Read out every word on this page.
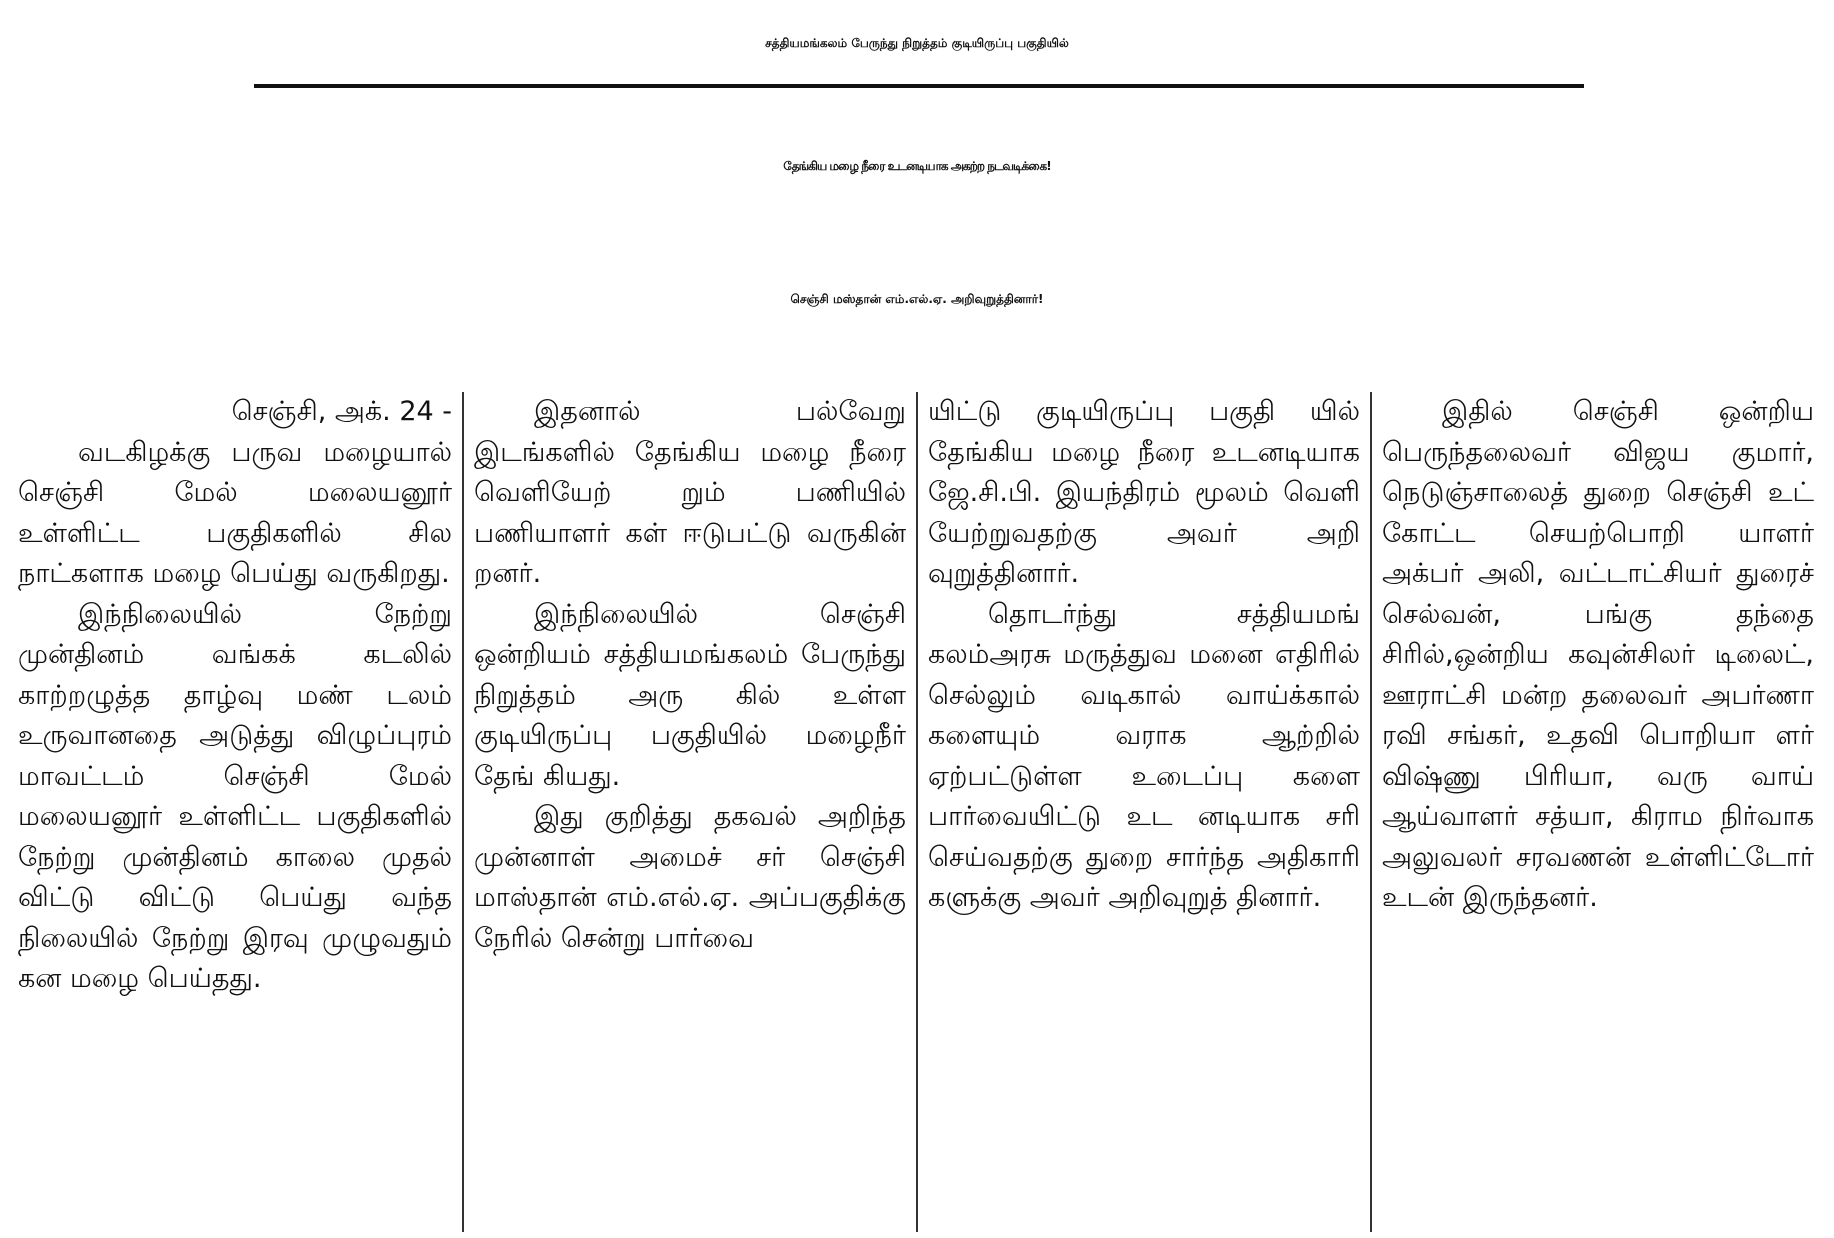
சத்தியமங்கலம் பேருந்து நிறுத்தம் குடியிருப்பு பகுதியில்
தேங்கிய மழை நீரை உடனடியாக அகற்ற நடவடிக்கை!
செஞ்சி மஸ்தான் எம்.எல்.ஏ. அறிவுறுத்தினார்!

செஞ்சி, அக். 24 -

வடகிழக்கு பருவ மழையால் செஞ்சி மேல் மலையனூர் உள்ளிட்ட பகுதிகளில் சில நாட்களாக மழை பெய்து வருகிறது.

இந்நிலையில் நேற்று முன்தினம் வங்கக் கடலில் காற்றழுத்த தாழ்வு மண் டலம் உருவானதை அடுத்து விழுப்புரம் மாவட்டம் செஞ்சி மேல் மலையனூர் உள்ளிட்ட பகுதிகளில் நேற்று முன்தினம் காலை முதல் விட்டு விட்டு பெய்து வந்த நிலையில் நேற்று இரவு முழுவதும் கன மழை பெய்தது.

இதனால் பல்வேறு இடங்களில் தேங்கிய மழை நீரை வெளியேற் றும் பணியில் பணியாளர் கள் ஈடுபட்டு வருகின் றனர்.

இந்நிலையில் செஞ்சி ஒன்றியம் சத்தியமங்கலம் பேருந்து நிறுத்தம் அரு கில் உள்ள குடியிருப்பு பகுதியில் மழைநீர் தேங் கியது.

இது குறித்து தகவல் அறிந்த முன்னாள் அமைச் சர் செஞ்சி மாஸ்தான் எம்.எல்.ஏ. அப்பகுதிக்கு நேரில் சென்று பார்வை

யிட்டு குடியிருப்பு பகுதி யில் தேங்கிய மழை நீரை உடனடியாக ஜே.சி.பி. இயந்திரம் மூலம் வெளி யேற்றுவதற்கு அவர் அறி வுறுத்தினார்.

தொடர்ந்து சத்தியமங் கலம்அரசு மருத்துவ மனை எதிரில் செல்லும் வடிகால் வாய்க்கால் களையும் வராக ஆற்றில் ஏற்பட்டுள்ள உடைப்பு களை பார்வையிட்டு உட னடியாக சரி செய்வதற்கு துறை சார்ந்த அதிகாரி களுக்கு அவர் அறிவுறுத் தினார்.

இதில் செஞ்சி ஒன்றிய பெருந்தலைவர் விஜய குமார், நெடுஞ்சாலைத் துறை செஞ்சி உட் கோட்ட செயற்பொறி யாளர் அக்பர் அலி, வட்டாட்சியர் துரைச் செல்வன், பங்கு தந்தை சிரில்,ஒன்றிய கவுன்சிலர் டிலைட், ஊராட்சி மன்ற தலைவர் அபர்ணா ரவி சங்கர், உதவி பொறியா ளர் விஷ்ணு பிரியா, வரு வாய் ஆய்வாளர் சத்யா, கிராம நிர்வாக அலுவலர் சரவணன் உள்ளிட்டோர் உடன் இருந்தனர்.
